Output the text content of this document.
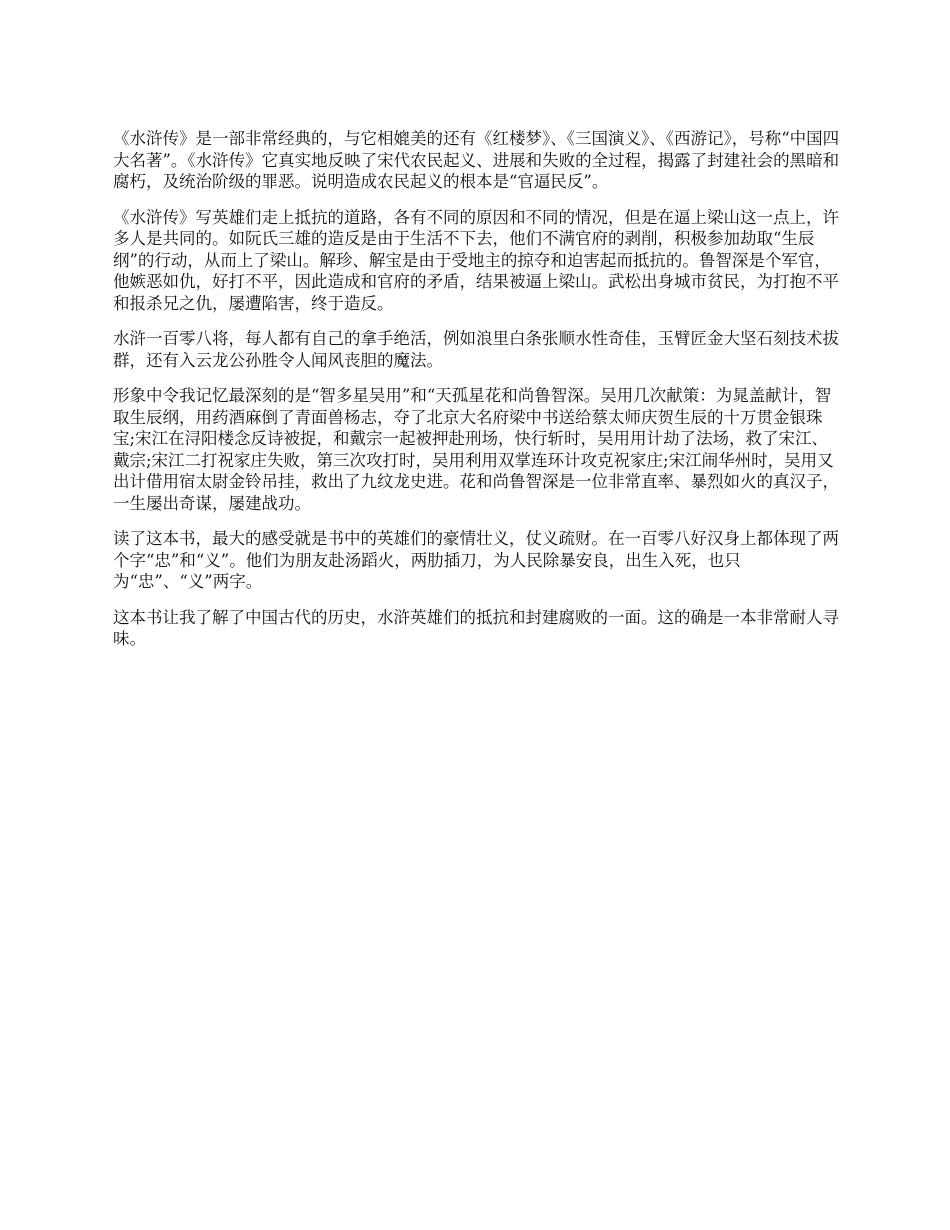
《水浒传》是一部非常经典的，与它相媲美的还有《红楼梦》、《三国演义》、《西游记》，号称“中国四大名著”。《水浒传》它真实地反映了宋代农民起义、进展和失败的全过程，揭露了封建社会的黑暗和腐朽，及统治阶级的罪恶。说明造成农民起义的根本是“官逼民反”。

《水浒传》写英雄们走上抵抗的道路，各有不同的原因和不同的情况，但是在逼上梁山这一点上，许多人是共同的。如阮氏三雄的造反是由于生活不下去，他们不满官府的剥削，积极参加劫取“生辰纲”的行动，从而上了梁山。解珍、解宝是由于受地主的掠夺和迫害起而抵抗的。鲁智深是个军官，他嫉恶如仇，好打不平，因此造成和官府的矛盾，结果被逼上梁山。武松出身城市贫民，为打抱不平和报杀兄之仇，屡遭陷害，终于造反。

水浒一百零八将，每人都有自己的拿手绝活，例如浪里白条张顺水性奇佳，玉臂匠金大坚石刻技术拔群，还有入云龙公孙胜令人闻风丧胆的魔法。

形象中令我记忆最深刻的是“智多星吴用”和“天孤星花和尚鲁智深。吴用几次献策：为晁盖献计，智取生辰纲，用药酒麻倒了青面兽杨志，夺了北京大名府梁中书送给蔡太师庆贺生辰的十万贯金银珠宝;宋江在浔阳楼念反诗被捉，和戴宗一起被押赴刑场，快行斩时，吴用用计劫了法场，救了宋江、戴宗;宋江二打祝家庄失败，第三次攻打时，吴用利用双掌连环计攻克祝家庄;宋江闹华州时，吴用又出计借用宿太尉金铃吊挂，救出了九纹龙史进。花和尚鲁智深是一位非常直率、暴烈如火的真汉子，一生屡出奇谋，屡建战功。

读了这本书，最大的感受就是书中的英雄们的豪情壮义，仗义疏财。在一百零八好汉身上都体现了两个字“忠”和“义”。他们为朋友赴汤蹈火，两肋插刀，为人民除暴安良，出生入死，也只为“忠”、“义”两字。

这本书让我了解了中国古代的历史，水浒英雄们的抵抗和封建腐败的一面。这的确是一本非常耐人寻味。
